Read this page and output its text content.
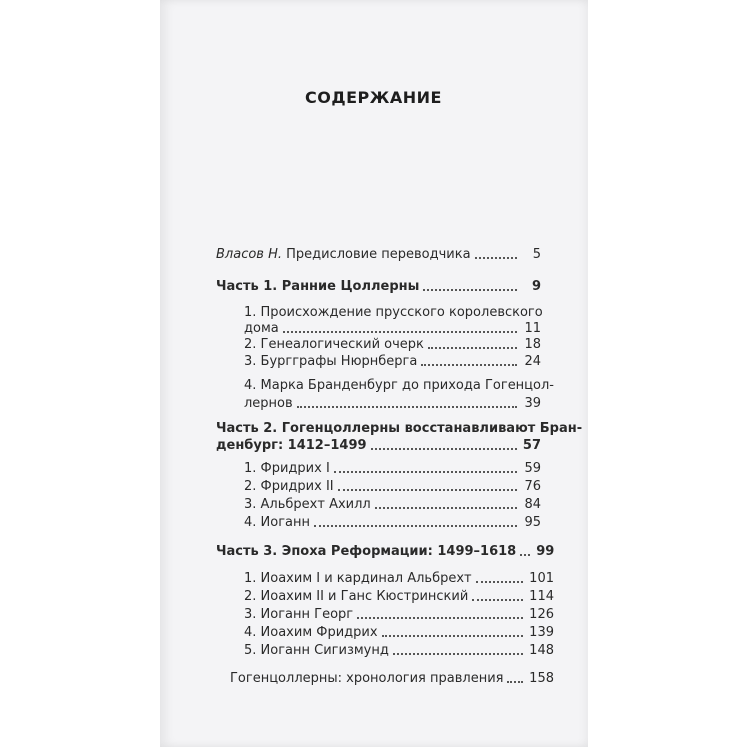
СОДЕРЖАНИЕ
Власов Н. Предисловие переводчика	5
Часть 1. Ранние Цоллерны	9
1. Происхождение прусского королевского
дома	11
2. Генеалогический очерк	18
3. Бургграфы Нюрнберга	24
4. Марка Бранденбург до прихода Гогенцол-
лернов	39
Часть 2. Гогенцоллерны восстанавливают Бран-
денбург: 1412–1499	57
1. Фридрих I	59
2. Фридрих II	76
3. Альбрехт Ахилл	84
4. Иоганн	95
Часть 3. Эпоха Реформации: 1499–1618 99
1. Иоахим I и кардинал Альбрехт	101
2. Иоахим II и Ганс Кюстринский	114
3. Иоганн Георг	126
4. Иоахим Фридрих	139
5. Иоганн Сигизмунд	148
Гогенцоллерны: хронология правления 158
